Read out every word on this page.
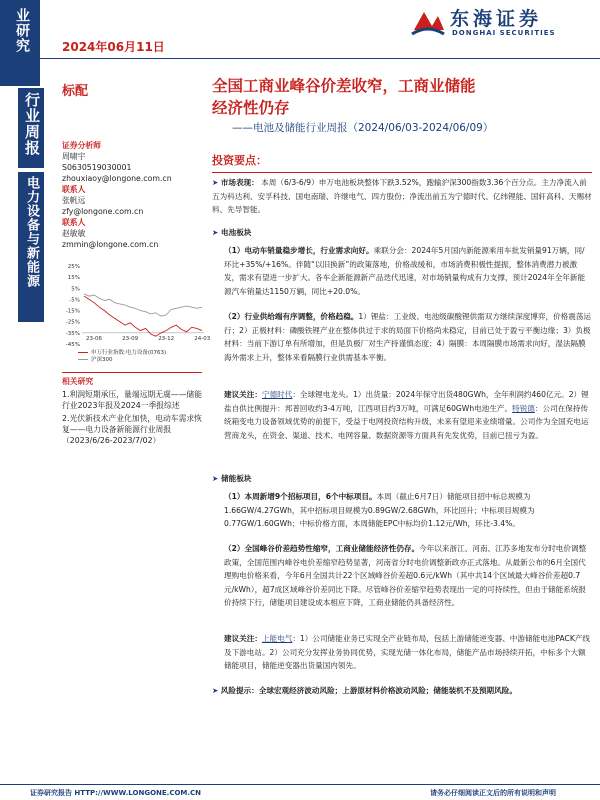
业研究	2024年06月11日
东海证券
DONGHAI SECURITIES
行业周报
电力设备与新能源
标配	全国工商业峰谷价差收窄，工商业储能
经济性仍存
——电池及储能行业周报（2024/06/03-2024/06/09）
证券分析师
周啸宇
S0630519030001
zhouxiaoy@longone.com.cn
联系人
张帆远
zfy@longone.com.cn
联系人
赵敏敏
zmmin@longone.com.cn
25%
15%
5%
-5%
-15%
-25%
-35%
-45%
23-06	23-09	23-12	24-03
申万行业指数:电力设备(0763)
沪深300
相关研究
1.利润短期承压，量端远期无虞——储能行业2023年报及2024一季报综述
2.光伏新技术产业化加快，电动车需求恢复——电力设备新能源行业周报（2023/6/26-2023/7/02）
投资要点：
➤ 市场表现： 本周（6/3-6/9）申万电池板块整体下跌3.52%，跑输沪深300指数3.36个百分点。主力净流入前五为科达利、安孚科技、国电南瑞、许继电气、四方股份；净流出前五为宁德时代、亿纬锂能、国轩高科、天赐材料、先导智能。
➤ 电池板块
（1）电动车销量稳步增长，行业需求向好。乘联分会：2024年5月国内新能源乘用车批发销量91万辆，同/环比+35%/+16%。伴随“以旧换新”的政策落地，价格战缓和，市场消费积极性提振，整体消费潜力被激发，需求有望进一步扩大。各车企新能源新产品迭代迅速，对市场销量构成有力支撑，预计2024年全年新能源汽车销量达1150万辆，同比+20.0%。
（2）行业供给端有序调整，价格趋稳。1）锂盐：工业级、电池级碳酸锂供需双方继续深度博弈，价格震荡运行；2）正极材料：磷酸铁锂产业在整体供过于求的局面下价格尚未稳定，目前已处于盈亏平衡边缘；3）负极材料：当前下游订单有所增加，但是负极厂对生产持谨慎态度；4）隔膜：本周隔膜市场需求向好，湿法隔膜海外需求上升，整体来看隔膜行业供需基本平衡。
建议关注：宁德时代：全球锂电龙头。1）出货量：2024年保守出货480GWh，全年利润约460亿元。2）锂盐自供比例提升：邦普回收约3-4万吨，江西项目约3万吨，可满足60GWh电池生产。特锐德：公司在保持传统箱变电力设备领域优势的前提下，受益于电网投资结构升级，未来有望迎来业绩增量。公司作为全国充电运营商龙头，在资金、渠道、技术、电网容量、数据资源等方面具有先发优势，目前已扭亏为盈。
➤ 储能板块
（1）本周新增9个招标项目，6个中标项目。本周（截止6月7日）储能项目招中标总规模为1.66GW/4.27GWh，其中招标项目规模为0.89GW/2.68GWh，环比回升；中标项目规模为0.77GW/1.60GWh；中标价格方面，本周储能EPC中标均价1.12元/Wh，环比-3.4%。
（2）全国峰谷价差趋势性缩窄，工商业储能经济性仍存。今年以来浙江、河南、江苏多地发布分时电价调整政策，全国范围内峰谷电价差缩窄趋势显著，河南省分时电价调整新政亦正式落地。从最新公布的6月全国代理购电价格来看，今年6月全国共计22个区域峰谷价差超0.6元/kWh（其中共14个区域最大峰谷价差超0.7元/kWh），超7成区域峰谷价差同比下降。尽管峰谷价差缩窄趋势表现出一定的可持续性，但由于储能系统报价持续下行，储能项目建设成本相应下降，工商业储能仍具备经济性。
建议关注：上能电气：1）公司储能业务已实现全产业链布局，包括上游储能逆变器、中游储能电池PACK产线及下游电站。2）公司充分发挥业务协同优势，实现光储一体化布局，储能产品市场持续开拓，中标多个大额储能项目，储能逆变器出货量国内领先。
➤ 风险提示：全球宏观经济波动风险；上游原材料价格波动风险；储能装机不及预期风险。
证券研究报告 HTTP://WWW.LONGONE.COM.CN	请务必仔细阅读正文后的所有说明和声明
